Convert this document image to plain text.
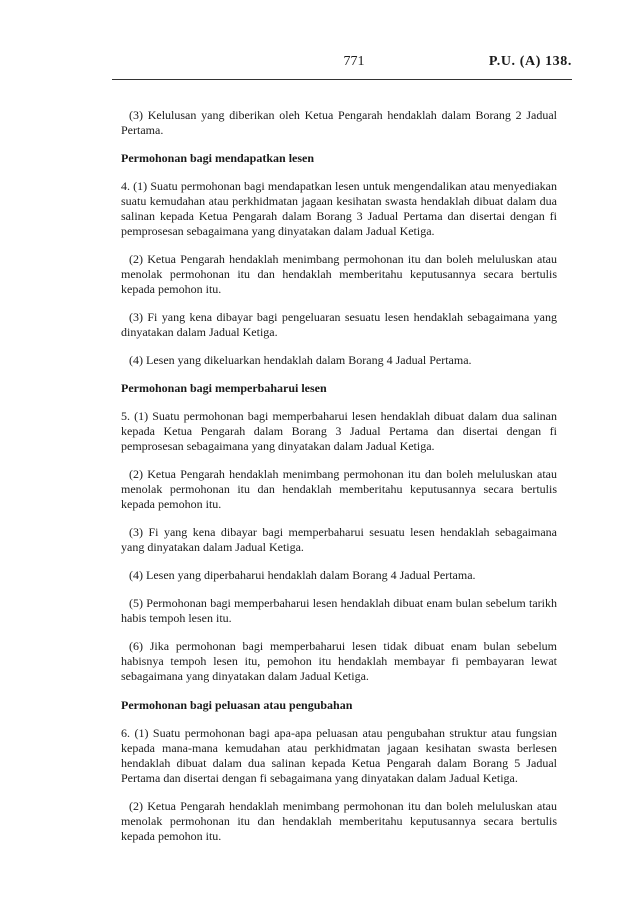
771	P.U. (A) 138.

(3) Kelulusan yang diberikan oleh Ketua Pengarah hendaklah dalam Borang 2 Jadual Pertama.

Permohonan bagi mendapatkan lesen

4. (1) Suatu permohonan bagi mendapatkan lesen untuk mengendalikan atau menyediakan suatu kemudahan atau perkhidmatan jagaan kesihatan swasta hendaklah dibuat dalam dua salinan kepada Ketua Pengarah dalam Borang 3 Jadual Pertama dan disertai dengan fi pemprosesan sebagaimana yang dinyatakan dalam Jadual Ketiga.

(2) Ketua Pengarah hendaklah menimbang permohonan itu dan boleh meluluskan atau menolak permohonan itu dan hendaklah memberitahu keputusannya secara bertulis kepada pemohon itu.

(3) Fi yang kena dibayar bagi pengeluaran sesuatu lesen hendaklah sebagaimana yang dinyatakan dalam Jadual Ketiga.

(4) Lesen yang dikeluarkan hendaklah dalam Borang 4 Jadual Pertama.

Permohonan bagi memperbaharui lesen

5. (1) Suatu permohonan bagi memperbaharui lesen hendaklah dibuat dalam dua salinan kepada Ketua Pengarah dalam Borang 3 Jadual Pertama dan disertai dengan fi pemprosesan sebagaimana yang dinyatakan dalam Jadual Ketiga.

(2) Ketua Pengarah hendaklah menimbang permohonan itu dan boleh meluluskan atau menolak permohonan itu dan hendaklah memberitahu keputusannya secara bertulis kepada pemohon itu.

(3) Fi yang kena dibayar bagi memperbaharui sesuatu lesen hendaklah sebagaimana yang dinyatakan dalam Jadual Ketiga.

(4) Lesen yang diperbaharui hendaklah dalam Borang 4 Jadual Pertama.

(5) Permohonan bagi memperbaharui lesen hendaklah dibuat enam bulan sebelum tarikh habis tempoh lesen itu.

(6) Jika permohonan bagi memperbaharui lesen tidak dibuat enam bulan sebelum habisnya tempoh lesen itu, pemohon itu hendaklah membayar fi pembayaran lewat sebagaimana yang dinyatakan dalam Jadual Ketiga.

Permohonan bagi peluasan atau pengubahan

6. (1) Suatu permohonan bagi apa-apa peluasan atau pengubahan struktur atau fungsian kepada mana-mana kemudahan atau perkhidmatan jagaan kesihatan swasta berlesen hendaklah dibuat dalam dua salinan kepada Ketua Pengarah dalam Borang 5 Jadual Pertama dan disertai dengan fi sebagaimana yang dinyatakan dalam Jadual Ketiga.

(2) Ketua Pengarah hendaklah menimbang permohonan itu dan boleh meluluskan atau menolak permohonan itu dan hendaklah memberitahu keputusannya secara bertulis kepada pemohon itu.
